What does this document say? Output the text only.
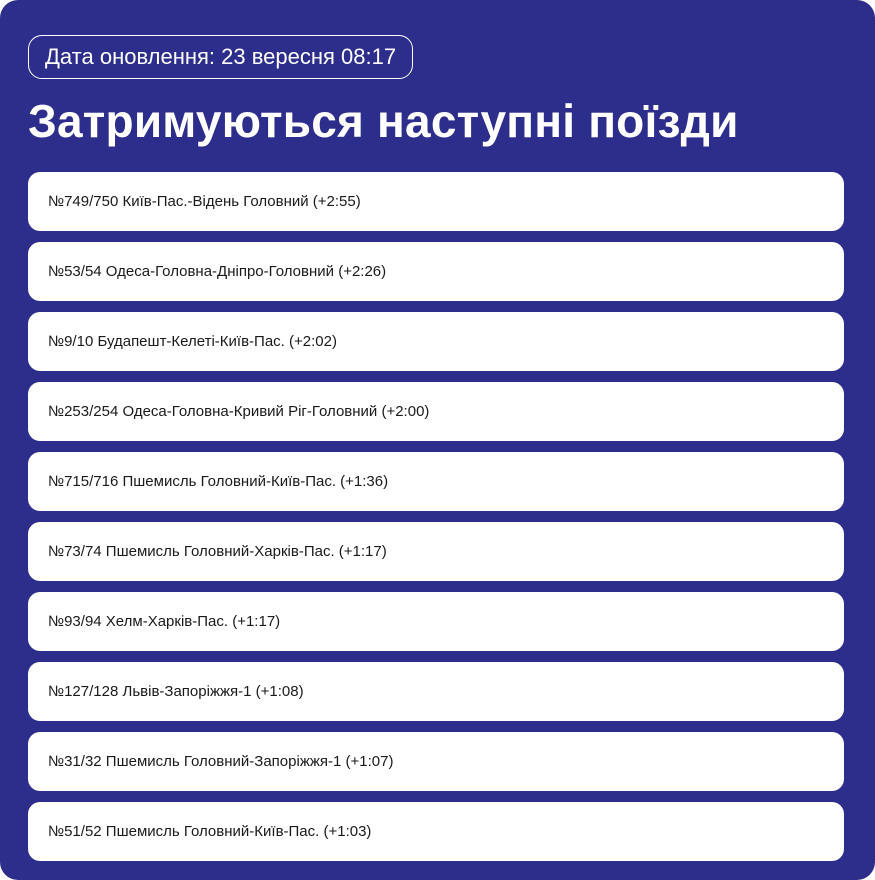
Дата оновлення: 23 вересня 08:17
Затримуються наступні поїзди
№749/750 Київ-Пас.-Відень Головний (+2:55)
№53/54 Одеса-Головна-Дніпро-Головний (+2:26)
№9/10 Будапешт-Келеті-Київ-Пас. (+2:02)
№253/254 Одеса-Головна-Кривий Ріг-Головний (+2:00)
№715/716 Пшемисль Головний-Київ-Пас. (+1:36)
№73/74 Пшемисль Головний-Харків-Пас. (+1:17)
№93/94 Хелм-Харків-Пас. (+1:17)
№127/128 Львів-Запоріжжя-1 (+1:08)
№31/32 Пшемисль Головний-Запоріжжя-1 (+1:07)
№51/52 Пшемисль Головний-Київ-Пас. (+1:03)
